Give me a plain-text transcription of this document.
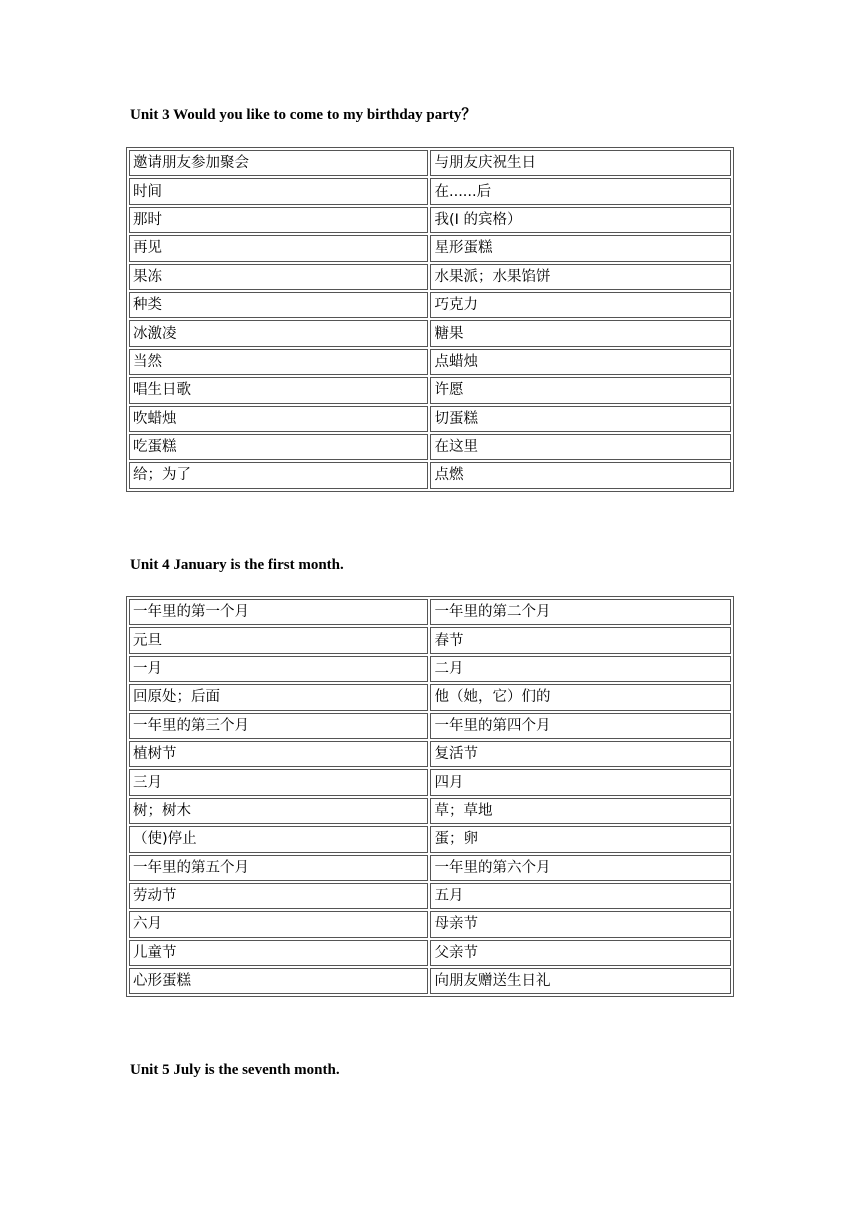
Unit 3 Would you like to come to my birthday party？
邀请朋友参加聚会	与朋友庆祝生日
时间	在......后
那时	我(I 的宾格）
再见	星形蛋糕
果冻	水果派；水果馅饼
种类	巧克力
冰激凌	糖果
当然	点蜡烛
唱生日歌	许愿
吹蜡烛	切蛋糕
吃蛋糕	在这里
给；为了	点燃
Unit 4 January is the first month.
一年里的第一个月	一年里的第二个月
元旦	春节
一月	二月
回原处；后面	他（她，它）们的
一年里的第三个月	一年里的第四个月
植树节	复活节
三月	四月
树；树木	草；草地
（使)停止	蛋；卵
一年里的第五个月	一年里的第六个月
劳动节	五月
六月	母亲节
儿童节	父亲节
心形蛋糕	向朋友赠送生日礼
Unit 5 July is the seventh month.
